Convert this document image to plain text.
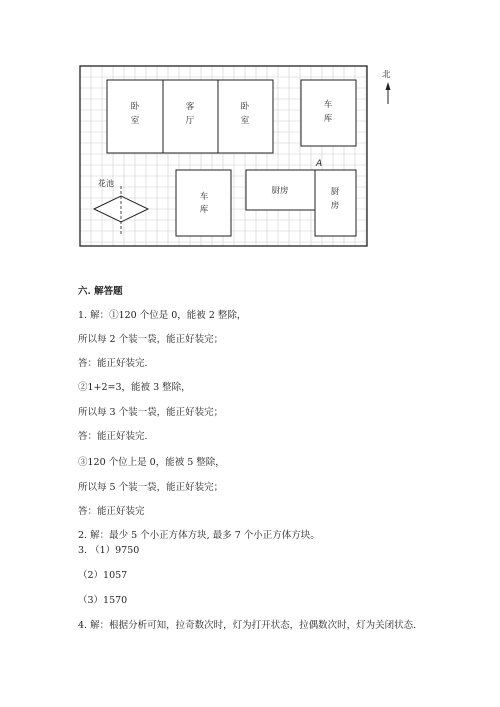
卧
室
客
厅
卧
室
车
库
车
库
厨房	厨
房
花池
A
北
六. 解答题
1. 解：①120 个位是 0，能被 2 整除，
所以每 2 个装一袋，能正好装完；
答：能正好装完.
②1+2=3，能被 3 整除，
所以每 3 个装一袋，能正好装完；
答：能正好装完.
③120 个位上是 0，能被 5 整除，
所以每 5 个装一袋，能正好装完；
答：能正好装完
2. 解：最少 5 个小正方体方块, 最多 7 个小正方体方块。
3. （1）9750
（2）1057
（3）1570
4. 解：根据分析可知，拉奇数次时，灯为打开状态，拉偶数次时，灯为关闭状态.
